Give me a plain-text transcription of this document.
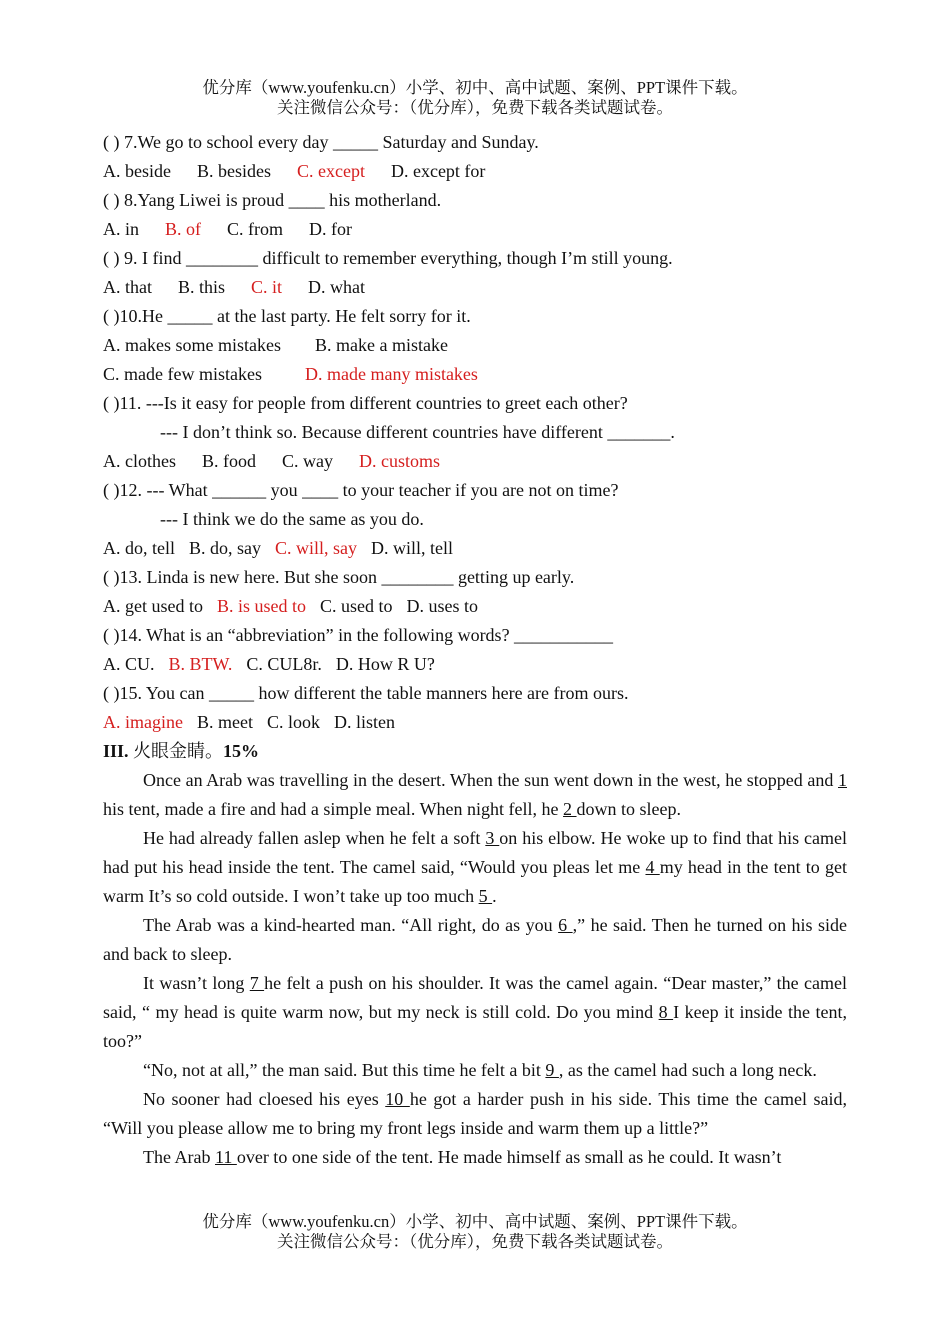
优分库（www.youfenku.cn）小学、初中、高中试题、案例、PPT课件下载。
关注微信公众号：（优分库），免费下载各类试题试卷。
( ) 7.We go to school every day _____ Saturday and Sunday.
A. beside B. besides C. except D. except for
( ) 8.Yang Liwei is proud ____ his motherland.
A. in B. of C. from D. for
( ) 9. I find ________ difficult to remember everything, though I’m still young.
A. that B. this C. it D. what
( )10.He _____ at the last party. He felt sorry for it.
A. makes some mistakes B. make a mistake
C. made few mistakes D. made many mistakes
( )11. ---Is it easy for people from different countries to greet each other?
--- I don’t think so. Because different countries have different _______.
A. clothes B. food C. way D. customs
( )12. --- What ______ you ____ to your teacher if you are not on time?
--- I think we do the same as you do.
A. do, tell B. do, say C. will, say D. will, tell
( )13. Linda is new here. But she soon ________ getting up early.
A. get used to B. is used to C. used to D. uses to
( )14. What is an “abbreviation” in the following words? ___________
A. CU. B. BTW. C. CUL8r. D. How R U?
( )15. You can _____ how different the table manners here are from ours.
A. imagine B. meet C. look D. listen
III. 火眼金睛。15%
Once an Arab was travelling in the desert. When the sun went down in the west, he stopped and 1 his tent, made a fire and had a simple meal. When night fell, he 2 down to sleep.
He had already fallen aslep when he felt a soft 3 on his elbow. He woke up to find that his camel had put his head inside the tent. The camel said, “Would you pleas let me 4 my head in the tent to get warm It’s so cold outside. I won’t take up too much 5 .
The Arab was a kind-hearted man. “All right, do as you 6 ,” he said. Then he turned on his side and back to sleep.
It wasn’t long 7 he felt a push on his shoulder. It was the camel again. “Dear master,” the camel said, “ my head is quite warm now, but my neck is still cold. Do you mind 8 I keep it inside the tent, too?”
“No, not at all,” the man said. But this time he felt a bit 9 , as the camel had such a long neck.
No sooner had cloesed his eyes 10 he got a harder push in his side. This time the camel said, “Will you please allow me to bring my front legs inside and warm them up a little?”
The Arab 11 over to one side of the tent. He made himself as small as he could. It wasn’t
优分库（www.youfenku.cn）小学、初中、高中试题、案例、PPT课件下载。
关注微信公众号：（优分库），免费下载各类试题试卷。
